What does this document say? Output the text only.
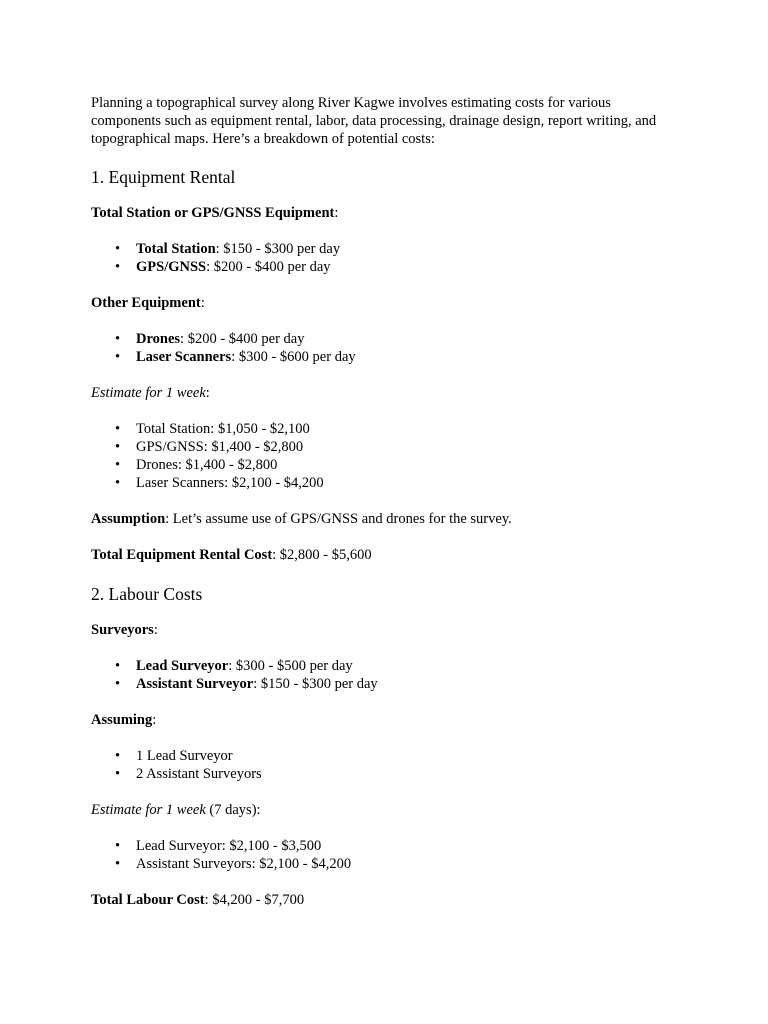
Planning a topographical survey along River Kagwe involves estimating costs for various components such as equipment rental, labor, data processing, drainage design, report writing, and topographical maps. Here’s a breakdown of potential costs:

1. Equipment Rental

Total Station or GPS/GNSS Equipment:

• Total Station: $150 - $300 per day
• GPS/GNSS: $200 - $400 per day

Other Equipment:

• Drones: $200 - $400 per day
• Laser Scanners: $300 - $600 per day

Estimate for 1 week:

• Total Station: $1,050 - $2,100
• GPS/GNSS: $1,400 - $2,800
• Drones: $1,400 - $2,800
• Laser Scanners: $2,100 - $4,200

Assumption: Let’s assume use of GPS/GNSS and drones for the survey.

Total Equipment Rental Cost: $2,800 - $5,600

2. Labour Costs

Surveyors:

• Lead Surveyor: $300 - $500 per day
• Assistant Surveyor: $150 - $300 per day

Assuming:

• 1 Lead Surveyor
• 2 Assistant Surveyors

Estimate for 1 week (7 days):

• Lead Surveyor: $2,100 - $3,500
• Assistant Surveyors: $2,100 - $4,200

Total Labour Cost: $4,200 - $7,700
